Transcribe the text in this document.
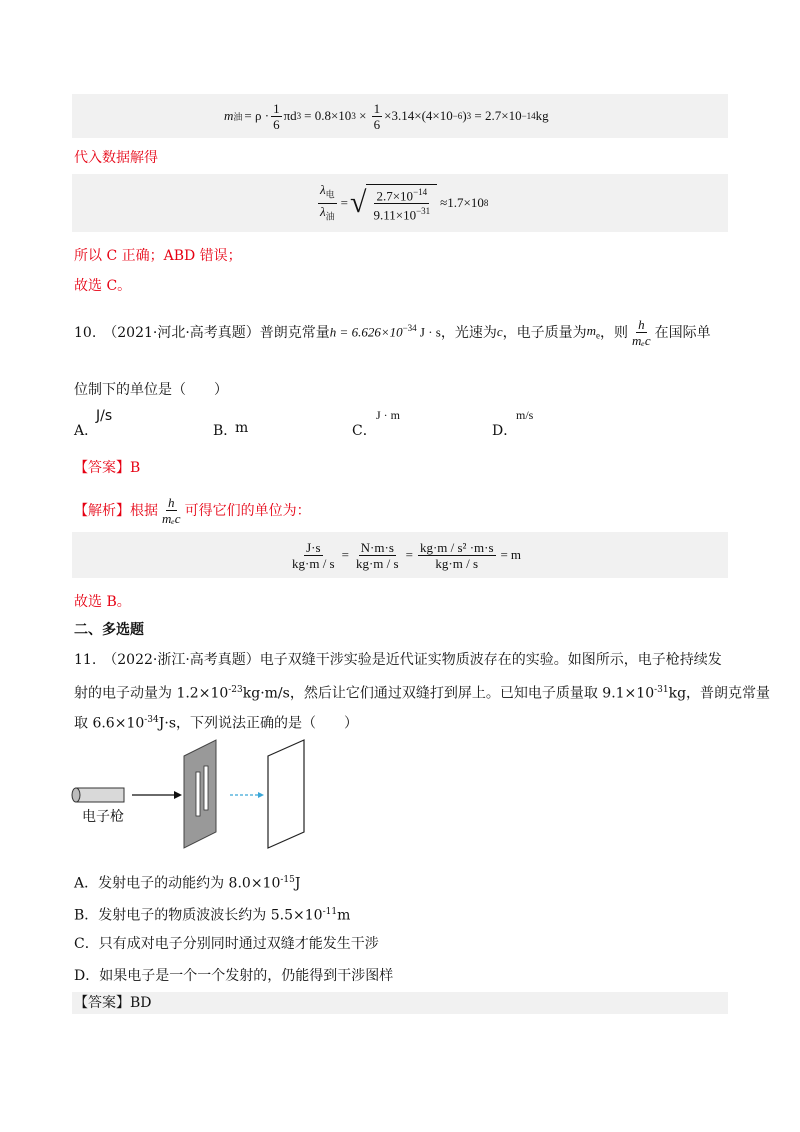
m 油 = $\rho \cdot \frac{1}{6}$ πd 3 = 0.8×10 $3 \times \frac{1}{6} \times 3.14\times(4\times 10 -6$ ) 3 = 2.7×10 −14 kg
代入数据解得
$\frac{\lambda_电}{\lambda_油}$ = √ $\frac{2.7\times 10^{-14}}{9.11\times 10^{-31}} \approx 1.7\times 10$ 8
所以 C 正确；ABD 错误；
故选 C。
10.　（2021·河北·高考真题）普朗克常量 $h = 6.626\times 10^{-34}$ J · s ，光速为 c ，电子质量为 $m_e$ ，则 $\frac{h}{\text{mₑc}}$ 在国际单
位制下的单位是（　　）
A．
J/s
B．
m	C．
J · m
D．
m/s
【答案】B
【解析】 根据 $\frac{h}{\text{mₑc}}$ 可得它们的单位为：
$\frac{J\cdot s}{kg\cdot m / s} = \frac{N\cdot m\cdot s}{kg\cdot m / s} = \frac{\text{kg·m / s² ·m·s}}{kg\cdot m / s} = m$
故选 B。
二、多选题
11.　（2022·浙江·高考真题）电子双缝干涉实验是近代证实物质波存在的实验。如图所示，电子枪持续发
射的电子动量为 $1.2\times 10^{-23}kg\cdot m/s$，然后让它们通过双缝打到屏上。已知电子质量取 $9.1\times 10^{-31}kg$，普朗克常量
取 $6.6\times 10^{-34}J\cdot s$，下列说法正确的是（　　）
电子枪
A．发射电子的动能约为 $8.0\times 10^{-15}J$
B．发射电子的物质波波长约为 $5.5\times 10^{-11}m$
C．只有成对电子分别同时通过双缝才能发生干涉
D．如果电子是一个一个发射的，仍能得到干涉图样
【答案】BD
